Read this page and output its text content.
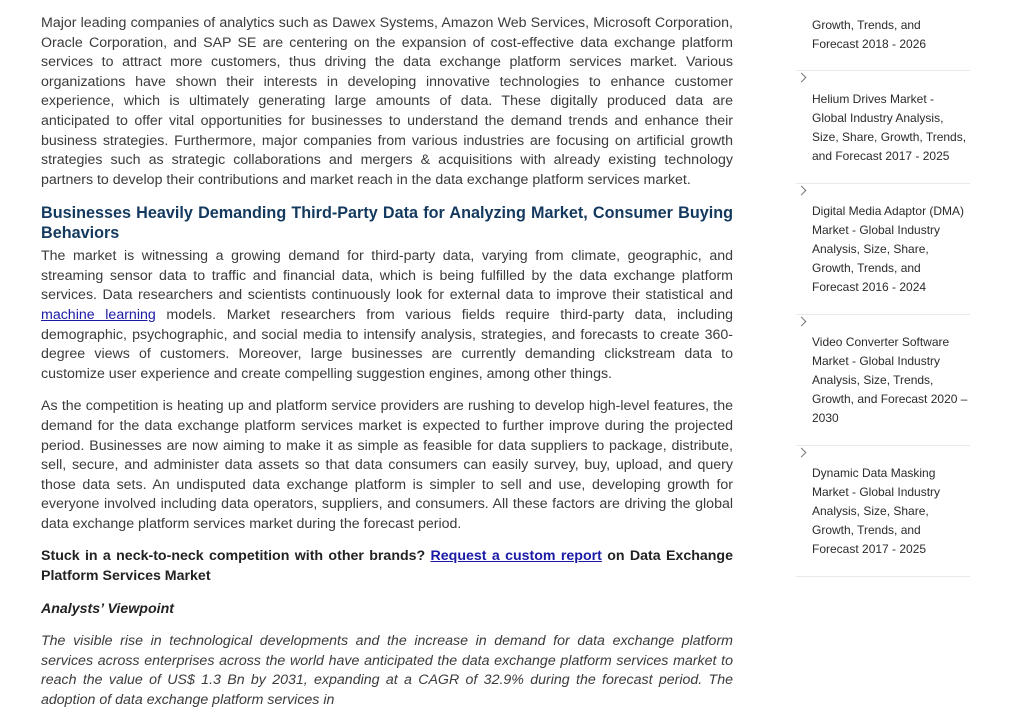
Major leading companies of analytics such as Dawex Systems, Amazon Web Services, Microsoft Corporation, Oracle Corporation, and SAP SE are centering on the expansion of cost-effective data exchange platform services to attract more customers, thus driving the data exchange platform services market. Various organizations have shown their interests in developing innovative technologies to enhance customer experience, which is ultimately generating large amounts of data. These digitally produced data are anticipated to offer vital opportunities for businesses to understand the demand trends and enhance their business strategies. Furthermore, major companies from various industries are focusing on artificial growth strategies such as strategic collaborations and mergers & acquisitions with already existing technology partners to develop their contributions and market reach in the data exchange platform services market.

Businesses Heavily Demanding Third-Party Data for Analyzing Market, Consumer Buying Behaviors

The market is witnessing a growing demand for third-party data, varying from climate, geographic, and streaming sensor data to traffic and financial data, which is being fulfilled by the data exchange platform services. Data researchers and scientists continuously look for external data to improve their statistical and machine learning models. Market researchers from various fields require third-party data, including demographic, psychographic, and social media to intensify analysis, strategies, and forecasts to create 360-degree views of customers. Moreover, large businesses are currently demanding clickstream data to customize user experience and create compelling suggestion engines, among other things.

As the competition is heating up and platform service providers are rushing to develop high-level features, the demand for the data exchange platform services market is expected to further improve during the projected period. Businesses are now aiming to make it as simple as feasible for data suppliers to package, distribute, sell, secure, and administer data assets so that data consumers can easily survey, buy, upload, and query those data sets. An undisputed data exchange platform is simpler to sell and use, developing growth for everyone involved including data operators, suppliers, and consumers. All these factors are driving the global data exchange platform services market during the forecast period.

Stuck in a neck-to-neck competition with other brands? Request a custom report on Data Exchange Platform Services Market

Analysts’ Viewpoint

The visible rise in technological developments and the increase in demand for data exchange platform services across enterprises across the world have anticipated the data exchange platform services market to reach the value of US$ 1.3 Bn by 2031, expanding at a CAGR of 32.9% during the forecast period. The adoption of data exchange platform services in

Growth, Trends, and Forecast 2018 - 2026
Helium Drives Market - Global Industry Analysis, Size, Share, Growth, Trends, and Forecast 2017 - 2025
Digital Media Adaptor (DMA) Market - Global Industry Analysis, Size, Share, Growth, Trends, and Forecast 2016 - 2024
Video Converter Software Market - Global Industry Analysis, Size, Trends, Growth, and Forecast 2020 – 2030
Dynamic Data Masking Market - Global Industry Analysis, Size, Share, Growth, Trends, and Forecast 2017 - 2025
